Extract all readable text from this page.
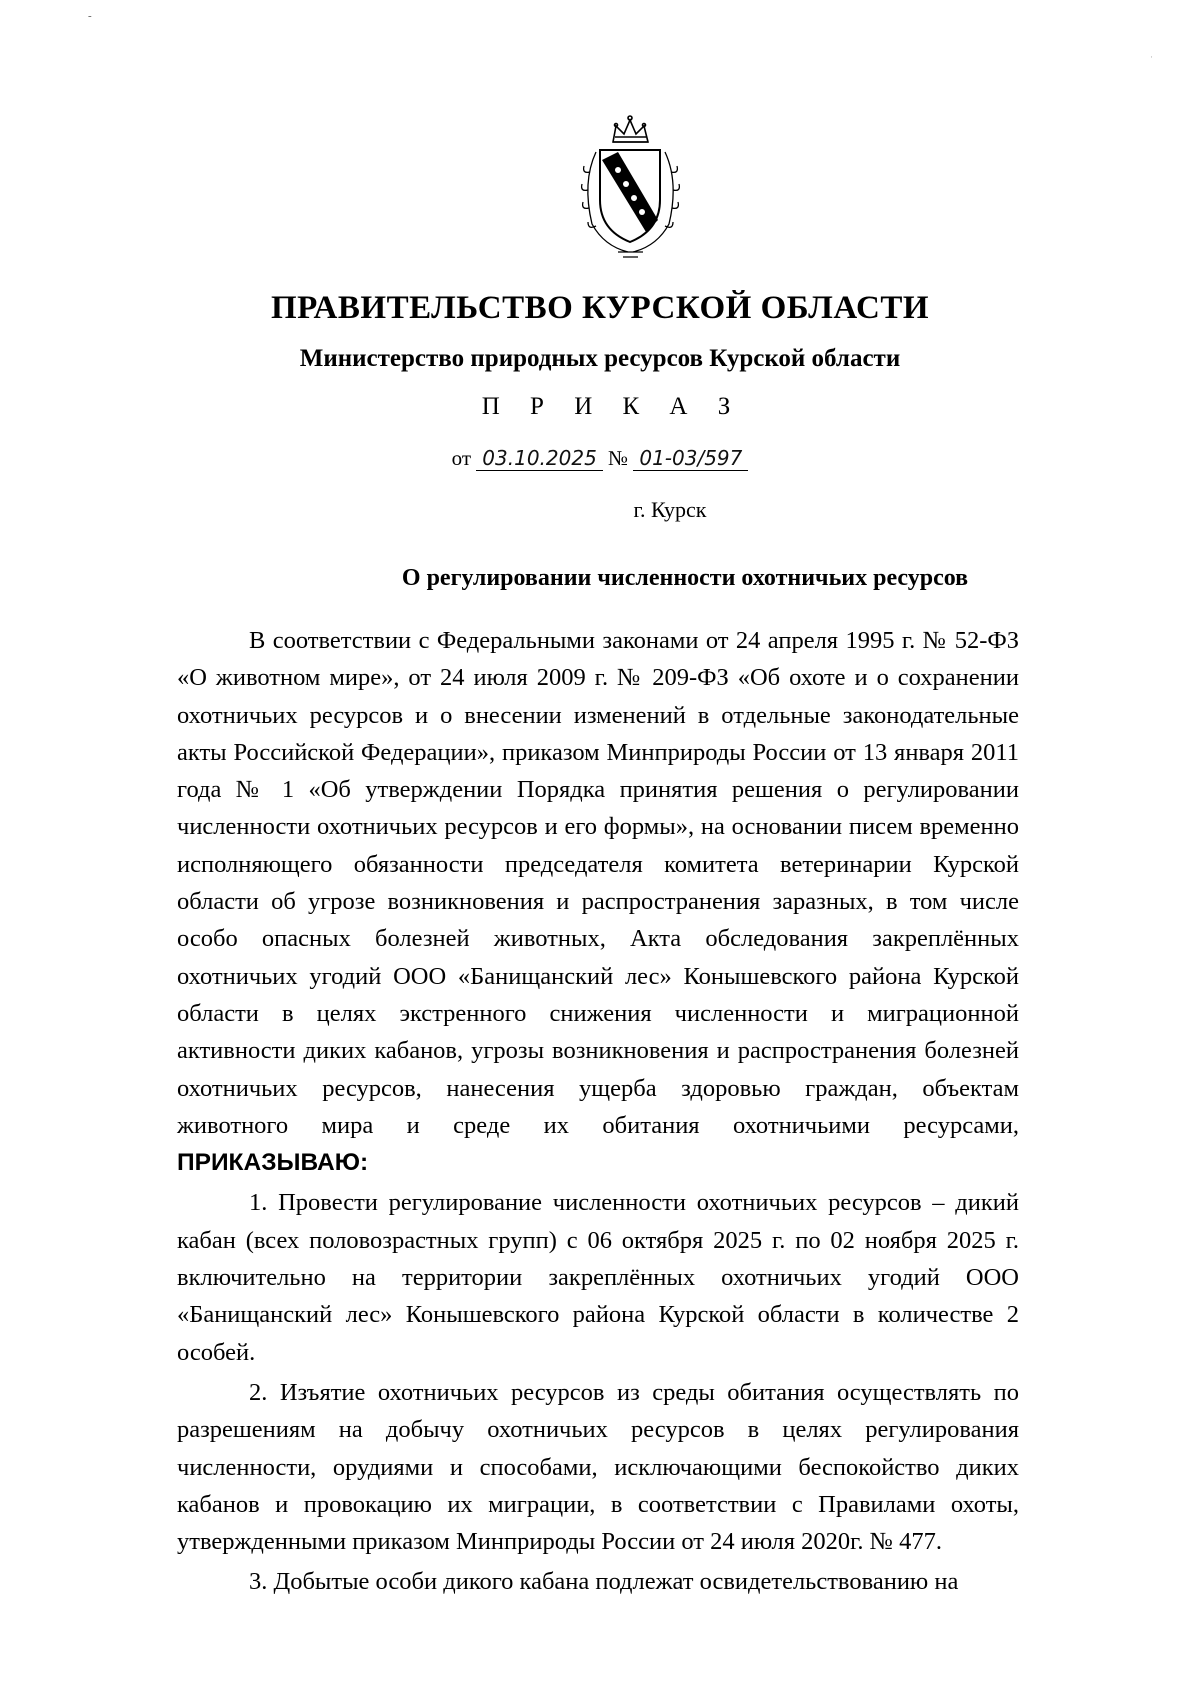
-
·
ПРАВИТЕЛЬСТВО КУРСКОЙ ОБЛАСТИ
Министерство природных ресурсов Курской области
П Р И К А З
от 03.10.2025 № 01-03/597
г. Курск
О регулировании численности охотничьих ресурсов

В соответствии с Федеральными законами от 24 апреля 1995 г. № 52-ФЗ «О животном мире», от 24 июля 2009 г. № 209-ФЗ «Об охоте и о сохранении охотничьих ресурсов и о внесении изменений в отдельные законодательные акты Российской Федерации», приказом Минприроды России от 13 января 2011 года № 1 «Об утверждении Порядка принятия решения о регулировании численности охотничьих ресурсов и его формы», на основании писем временно исполняющего обязанности председателя комитета ветеринарии Курской области об угрозе возникновения и распространения заразных, в том числе особо опасных болезней животных, Акта обследования закреплённых охотничьих угодий ООО «Банищанский лес» Конышевского района Курской области в целях экстренного снижения численности и миграционной активности диких кабанов, угрозы возникновения и распространения болезней охотничьих ресурсов, нанесения ущерба здоровью граждан, объектам животного мира и среде их обитания охотничьими ресурсами, ПРИКАЗЫВАЮ:

1. Провести регулирование численности охотничьих ресурсов – дикий кабан (всех половозрастных групп) с 06 октября 2025 г. по 02 ноября 2025 г. включительно на территории закреплённых охотничьих угодий ООО «Банищанский лес» Конышевского района Курской области в количестве 2 особей.

2. Изъятие охотничьих ресурсов из среды обитания осуществлять по разрешениям на добычу охотничьих ресурсов в целях регулирования численности, орудиями и способами, исключающими беспокойство диких кабанов и провокацию их миграции, в соответствии с Правилами охоты, утвержденными приказом Минприроды России от 24 июля 2020г. № 477.

3. Добытые особи дикого кабана подлежат освидетельствованию на
